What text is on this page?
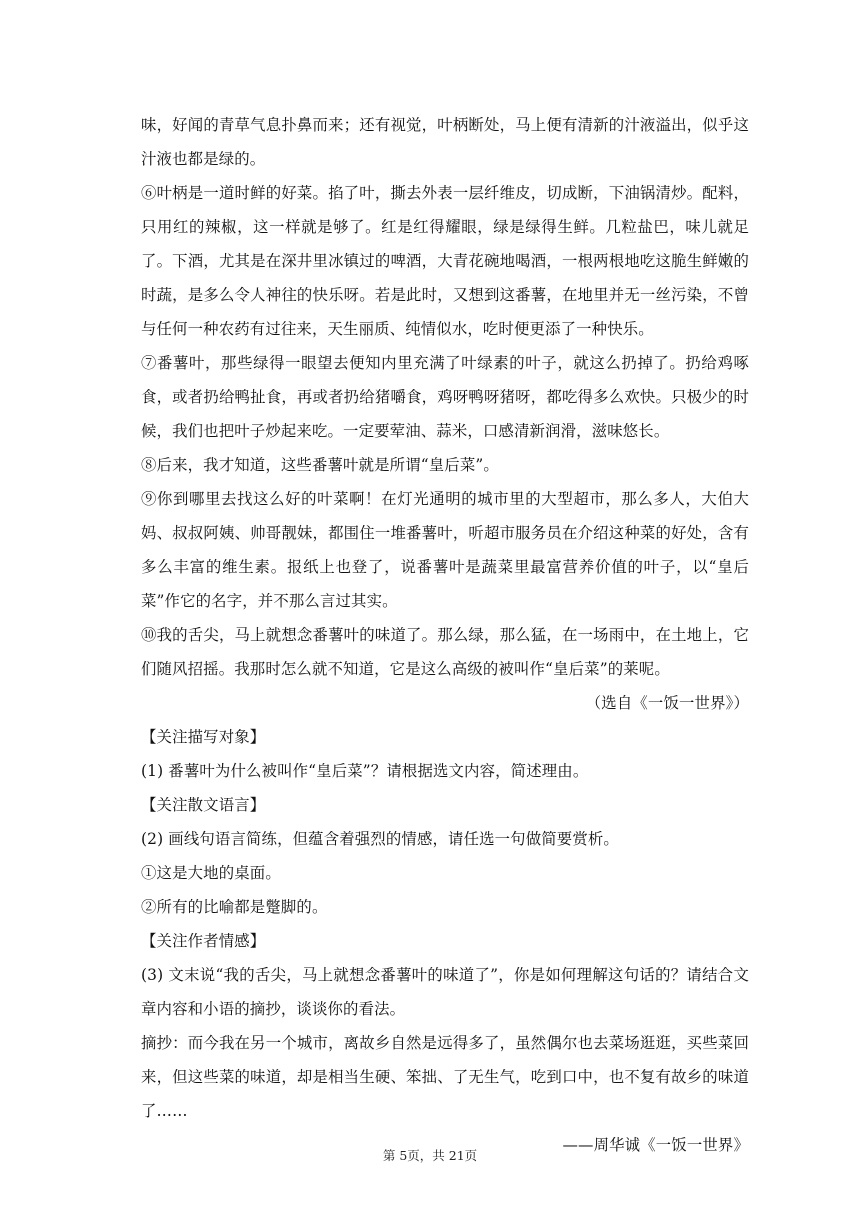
味，好闻的青草气息扑鼻而来；还有视觉，叶柄断处，马上便有清新的汁液溢出，似乎这汁液也都是绿的。

⑥叶柄是一道时鲜的好菜。掐了叶，撕去外表一层纤维皮，切成断，下油锅清炒。配料，只用红的辣椒，这一样就是够了。红是红得耀眼，绿是绿得生鲜。几粒盐巴，味儿就足了。下酒，尤其是在深井里冰镇过的啤酒，大青花碗地喝酒，一根两根地吃这脆生鲜嫩的时蔬，是多么令人神往的快乐呀。若是此时，又想到这番薯，在地里并无一丝污染，不曾与任何一种农药有过往来，天生丽质、纯情似水，吃时便更添了一种快乐。

⑦番薯叶，那些绿得一眼望去便知内里充满了叶绿素的叶子，就这么扔掉了。扔给鸡啄食，或者扔给鸭扯食，再或者扔给猪嚼食，鸡呀鸭呀猪呀，都吃得多么欢快。只极少的时候，我们也把叶子炒起来吃。一定要荤油、蒜米，口感清新润滑，滋味悠长。

⑧后来，我才知道，这些番薯叶就是所谓“皇后菜”。

⑨你到哪里去找这么好的叶菜啊！在灯光通明的城市里的大型超市，那么多人，大伯大妈、叔叔阿姨、帅哥靓妹，都围住一堆番薯叶，听超市服务员在介绍这种菜的好处，含有多么丰富的维生素。报纸上也登了，说番薯叶是蔬菜里最富营养价值的叶子，以“皇后菜”作它的名字，并不那么言过其实。

⑩我的舌尖，马上就想念番薯叶的味道了。那么绿，那么猛，在一场雨中，在土地上，它们随风招摇。我那时怎么就不知道，它是这么高级的被叫作“皇后菜”的莱呢。

（选自《一饭一世界》）

【关注描写对象】

(1) 番薯叶为什么被叫作“皇后菜”？请根据选文内容，简述理由。

【关注散文语言】

(2) 画线句语言简练，但蕴含着强烈的情感，请任选一句做简要赏析。

①这是大地的桌面。

②所有的比喻都是蹩脚的。

【关注作者情感】

(3) 文末说“我的舌尖，马上就想念番薯叶的味道了”，你是如何理解这句话的？请结合文章内容和小语的摘抄，谈谈你的看法。

摘抄：而今我在另一个城市，离故乡自然是远得多了，虽然偶尔也去菜场逛逛，买些菜回来，但这些菜的味道，却是相当生硬、笨拙、了无生气，吃到口中，也不复有故乡的味道了……

——周华诚《一饭一世界》

第 5页，共 21页
